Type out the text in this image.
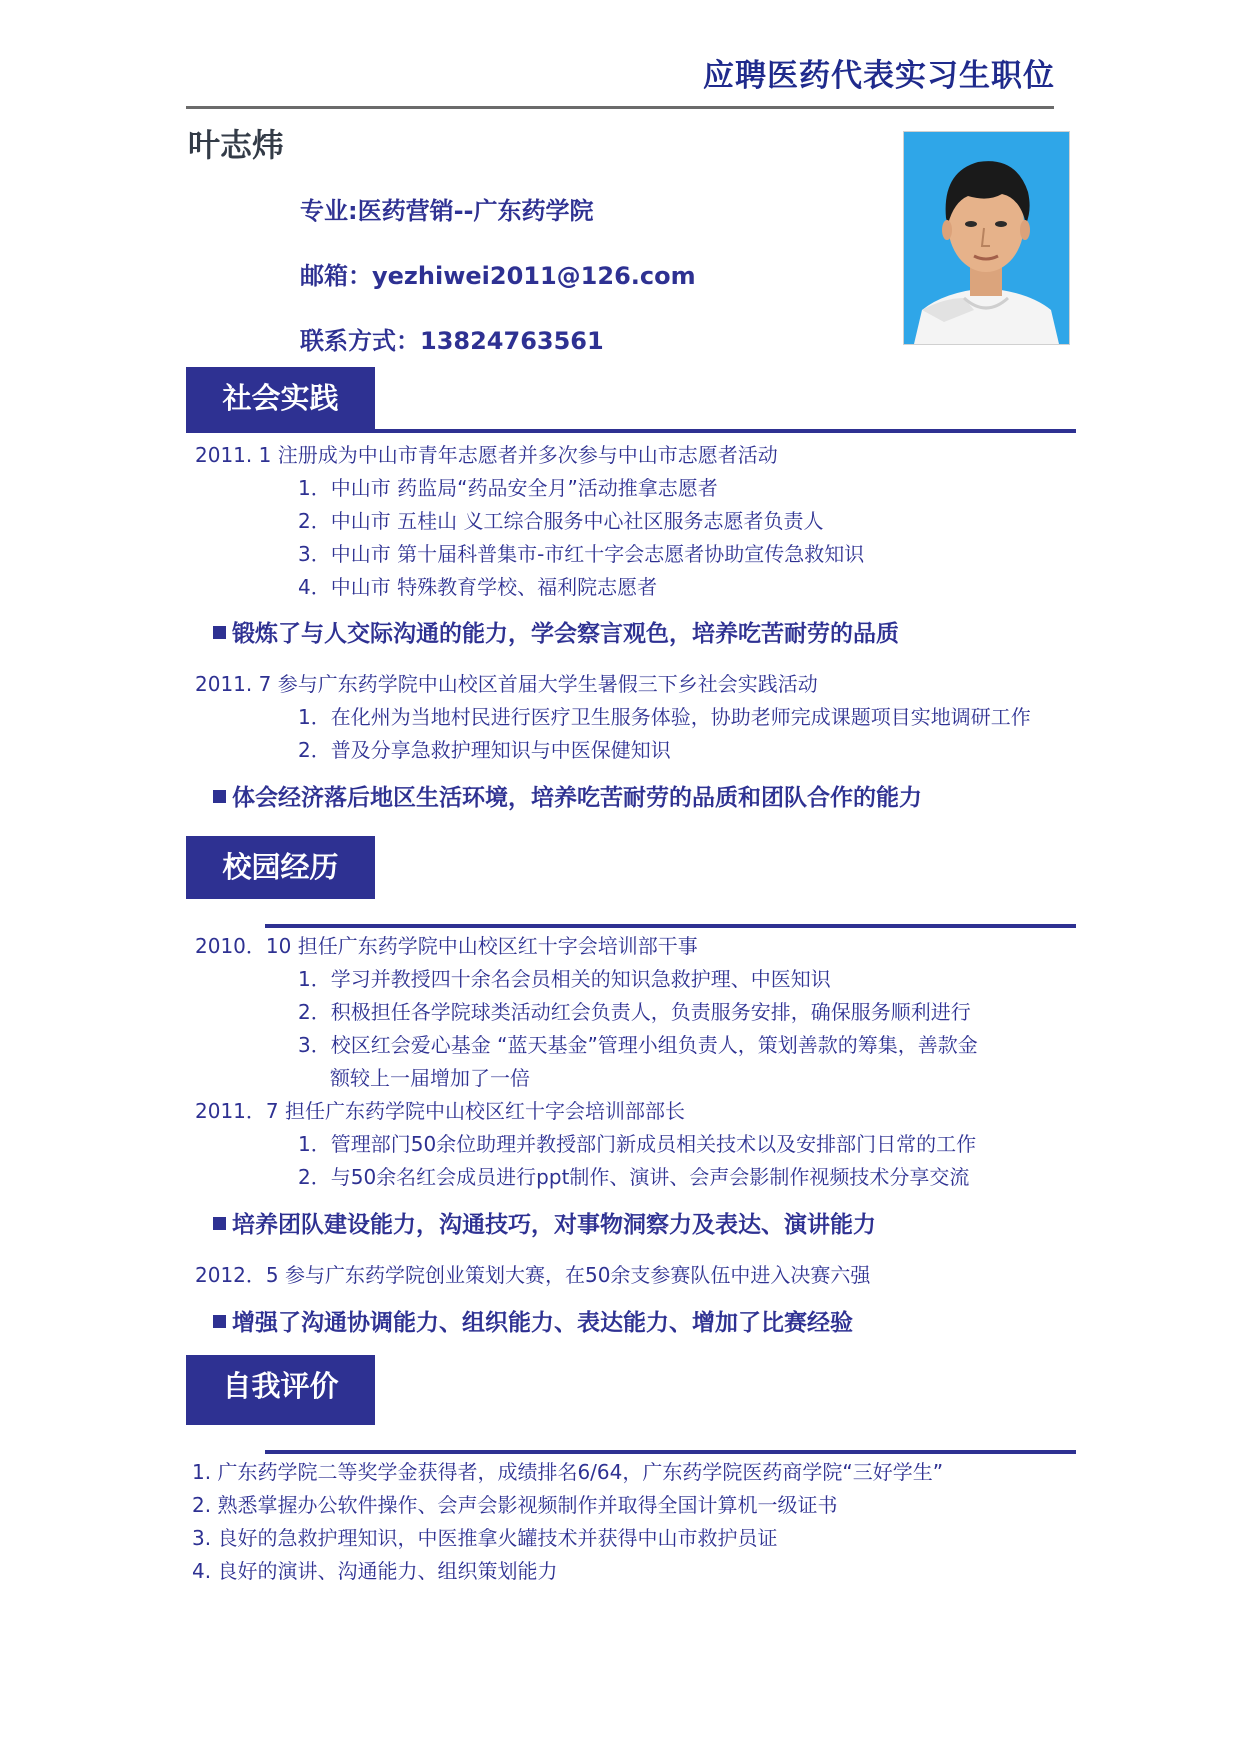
应聘医药代表实习生职位
叶志炜
专业:医药营销--广东药学院
邮箱：yezhiwei2011@126.com
联系方式：13824763561
社会实践
2011. 1 注册成为中山市青年志愿者并多次参与中山市志愿者活动
1．中山市 药监局“药品安全月”活动推拿志愿者
2．中山市 五桂山 义工综合服务中心社区服务志愿者负责人
3．中山市 第十届科普集市-市红十字会志愿者协助宣传急救知识
4．中山市 特殊教育学校、福利院志愿者
锻炼了与人交际沟通的能力，学会察言观色，培养吃苦耐劳的品质
2011. 7 参与广东药学院中山校区首届大学生暑假三下乡社会实践活动
1．在化州为当地村民进行医疗卫生服务体验，协助老师完成课题项目实地调研工作
2．普及分享急救护理知识与中医保健知识
体会经济落后地区生活环境，培养吃苦耐劳的品质和团队合作的能力
校园经历
2010．10 担任广东药学院中山校区红十字会培训部干事
1．学习并教授四十余名会员相关的知识急救护理、中医知识
2．积极担任各学院球类活动红会负责人，负责服务安排，确保服务顺利进行
3．校区红会爱心基金 “蓝天基金”管理小组负责人，策划善款的筹集，善款金
额较上一届增加了一倍
2011．7 担任广东药学院中山校区红十字会培训部部长
1．管理部门50余位助理并教授部门新成员相关技术以及安排部门日常的工作
2．与50余名红会成员进行ppt制作、演讲、会声会影制作视频技术分享交流
培养团队建设能力，沟通技巧，对事物洞察力及表达、演讲能力
2012．5 参与广东药学院创业策划大赛，在50余支参赛队伍中进入决赛六强
增强了沟通协调能力、组织能力、表达能力、增加了比赛经验
自我评价
1. 广东药学院二等奖学金获得者，成绩排名6/64，广东药学院医药商学院“三好学生”
2. 熟悉掌握办公软件操作、会声会影视频制作并取得全国计算机一级证书
3. 良好的急救护理知识，中医推拿火罐技术并获得中山市救护员证
4. 良好的演讲、沟通能力、组织策划能力
